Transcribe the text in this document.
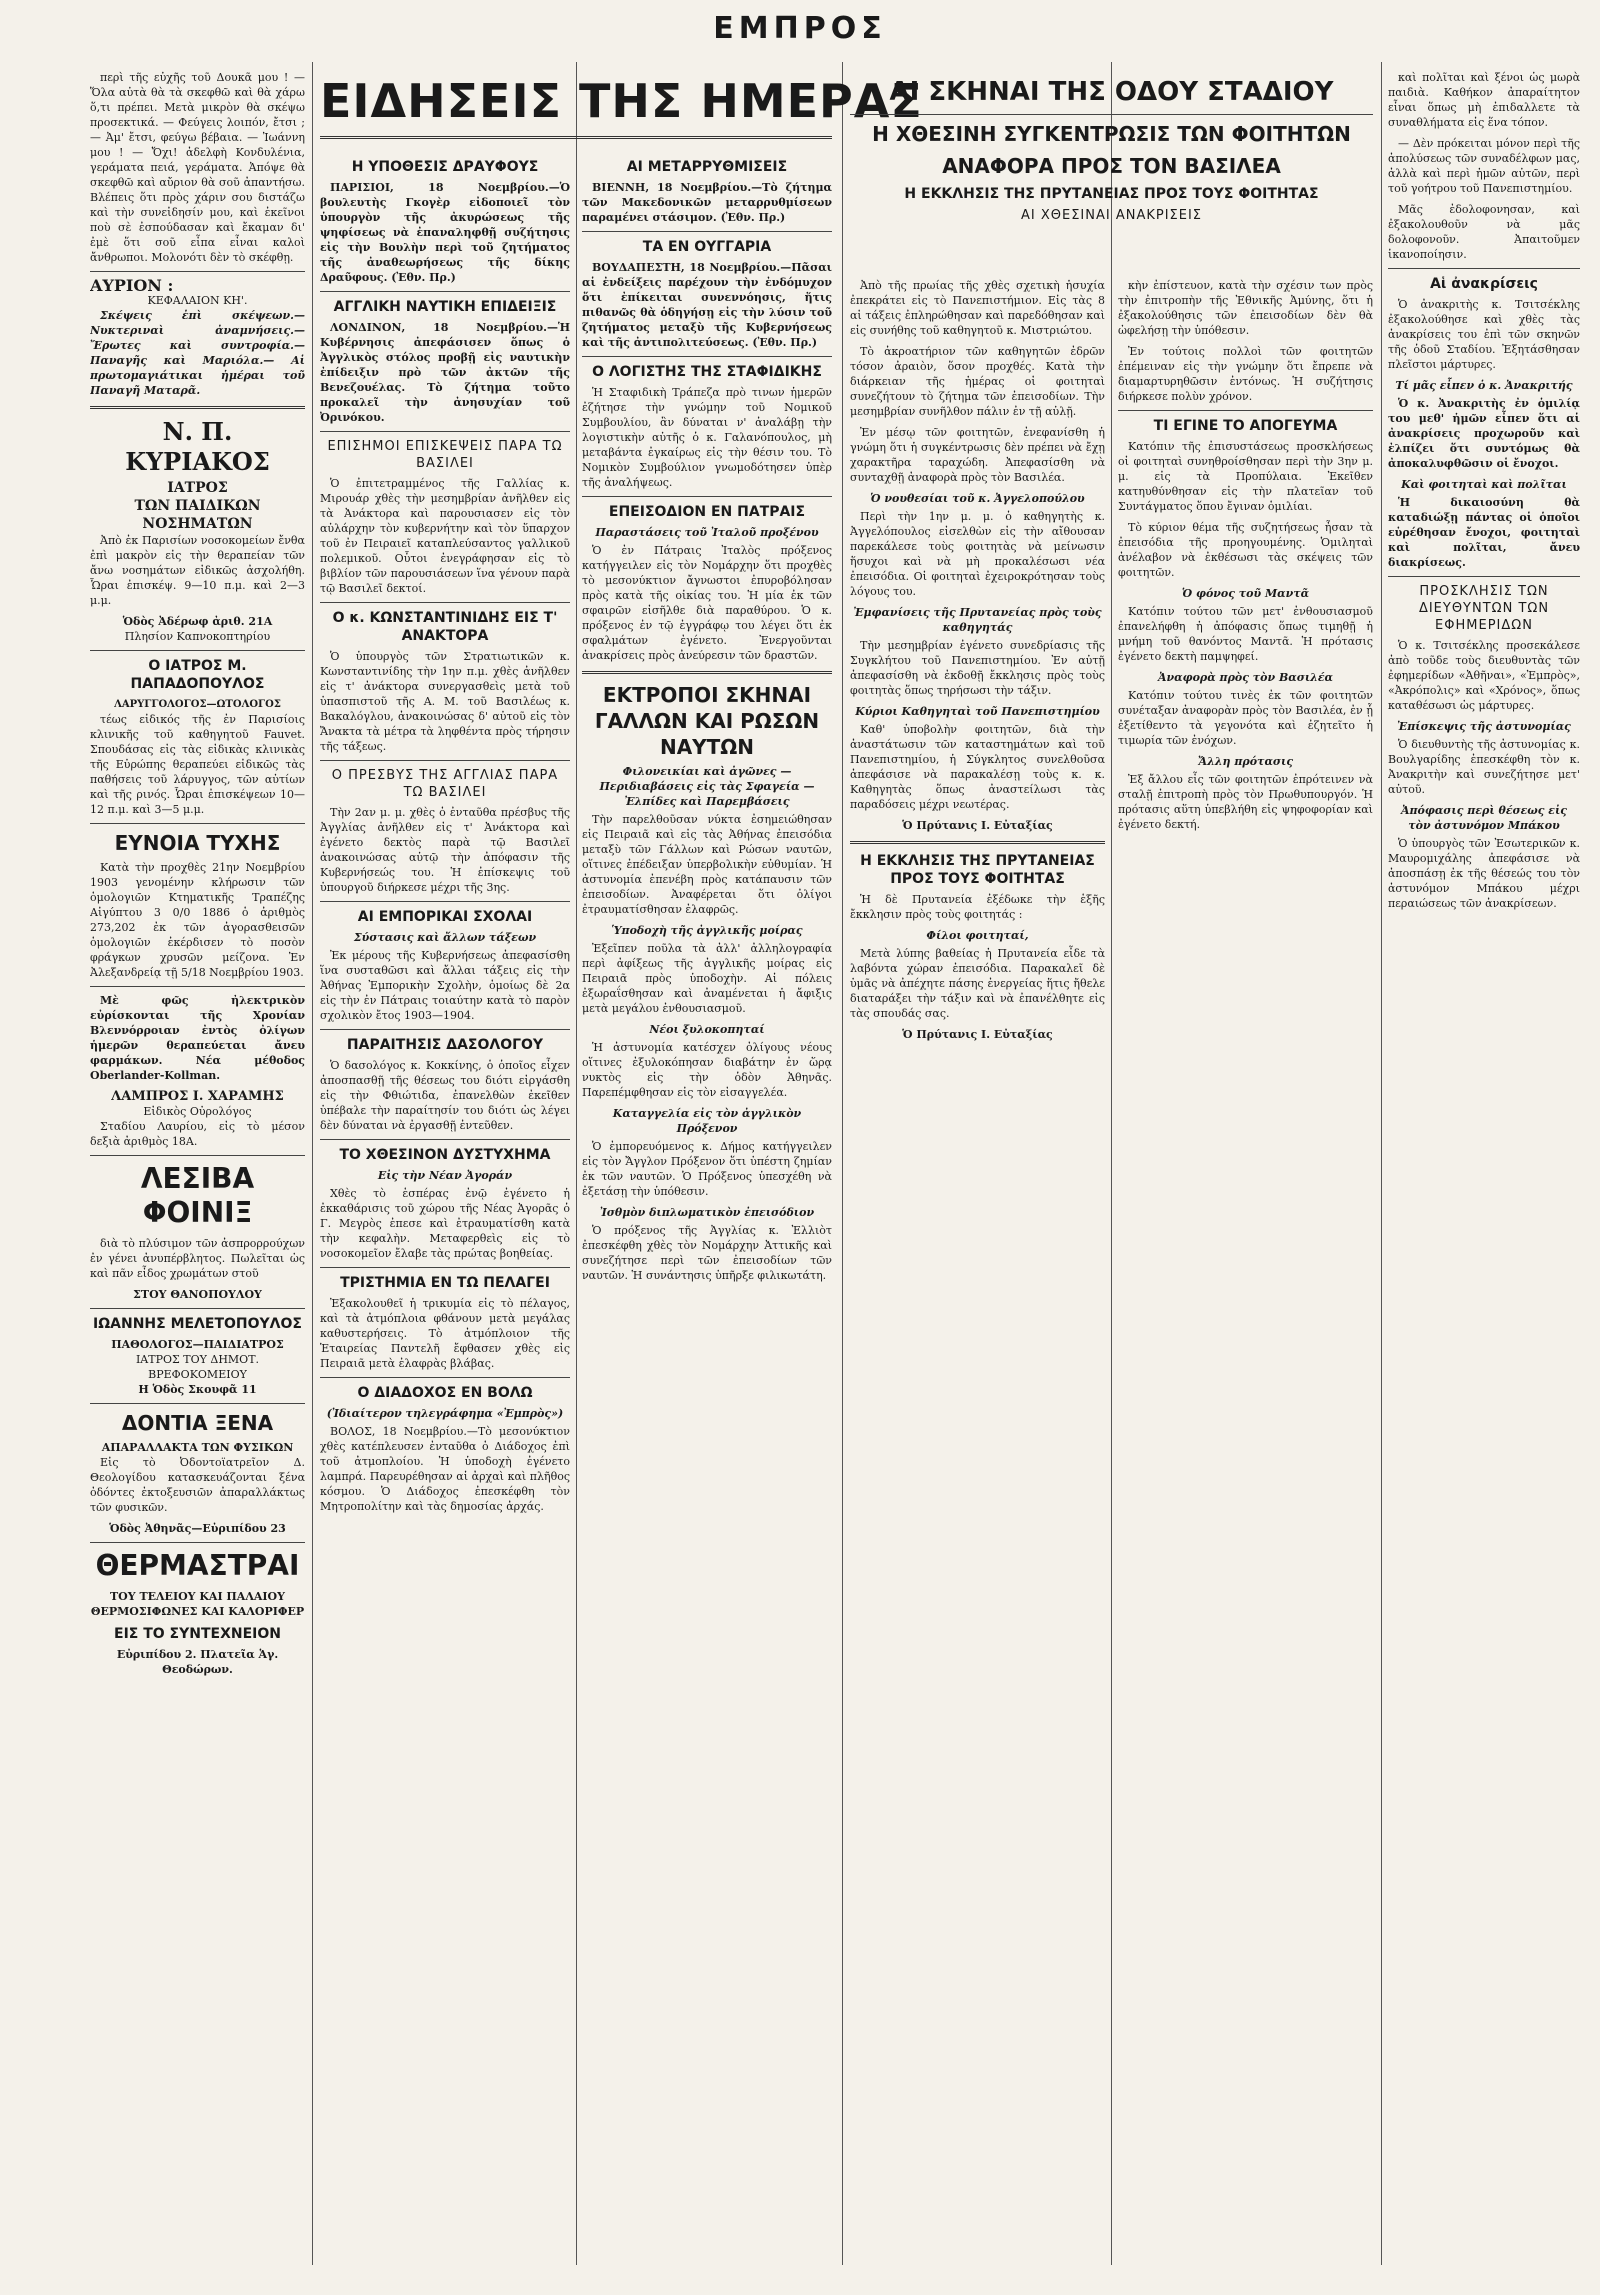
ΕΜΠΡΟΣ

περὶ τῆς εὐχῆς τοῦ Δουκᾶ μου ! — Ὅλα αὐτὰ θὰ τὰ σκεφθῶ καὶ θὰ χάρω ὅ,τι πρέπει. Μετὰ μικρὸν θὰ σκέψω προσεκτικά. — Φεύγεις λοιπόν, ἔτσι ; — Ἀμ' ἔτσι, φεύγω βέβαια. — Ἰωάννη μου ! — Ὄχι! ἀδελφὴ Κονδυλένια, γεράματα πειά, γεράματα. Ἀπόψε θὰ σκεφθῶ καὶ αὔριον θὰ σοῦ ἀπαντήσω. Βλέπεις ὅτι πρὸς χάριν σου διστάζω καὶ τὴν συνεἰδησίν μου, καὶ ἐκεῖνοι ποὺ σὲ ἐσπούδασαν καὶ ἔκαμαν δι' ἐμὲ ὅτι σοῦ εἶπα εἶναι καλοὶ ἄνθρωποι. Μολονότι δὲν τὸ σκέφθῃ.

ΑΥΡΙΟΝ :
ΚΕΦΑΛΑΙΟΝ ΚΗ'.

Σκέψεις ἐπὶ σκέψεων.— Νυκτεριναὶ ἀναμνήσεις.— Ἔρωτες καὶ συντροφία.— Παναγῆς καὶ Μαριόλα.— Αἱ πρωτομαγιάτικαι ἡμέραι τοῦ Παναγῆ Ματαρᾶ.

Ν. Π. ΚΥΡΙΑΚΟΣ
ΙΑΤΡΟΣ
ΤΩΝ ΠΑΙΔΙΚΩΝ ΝΟΣΗΜΑΤΩΝ

Ἀπὸ ἐκ Παρισίων νοσοκομείων ἔνθα ἐπὶ μακρὸν εἰς τὴν θεραπείαν τῶν ἄνω νοσημάτων εἰδικῶς ἀσχολήθη. Ὧραι ἐπισκέψ. 9—10 π.μ. καὶ 2—3 μ.μ.

Ὁδὸς Ἀδέρωφ ἀριθ. 21Α
Πλησίον Καπνοκοπτηρίου
Ο ΙΑΤΡΟΣ Μ. ΠΑΠΑΔΟΠΟΥΛΟΣ
ΛΑΡΥΓΓΟΛΟΓΟΣ—ΩΤΟΛΟΓΟΣ

τέως εἰδικός τῆς ἐν Παρισίοις κλινικῆς τοῦ καθηγητοῦ Fauvet. Σπουδάσας εἰς τὰς εἰδικὰς κλινικὰς τῆς Εὐρώπης θεραπεύει εἰδικῶς τὰς παθήσεις τοῦ λάρυγγος, τῶν αὐτίων καὶ τῆς ρινός. Ὧραι ἐπισκέψεων 10—12 π.μ. καὶ 3—5 μ.μ.

ΕΥΝΟΙΑ ΤΥΧΗΣ

Κατὰ τὴν προχθὲς 21ην Νοεμβρίου 1903 γενομένην κλήρωσιν τῶν ὁμολογιῶν Κτηματικῆς Τραπέζης Αἰγύπτου 3 0/0 1886 ὁ ἀριθμὸς 273,202 ἐκ τῶν ἀγορασθεισῶν ὁμολογιῶν ἐκέρδισεν τὸ ποσὸν φράγκων χρυσῶν μείζονα. Ἐν Ἀλεξανδρείᾳ τῇ 5/18 Νοεμβρίου 1903.

Μὲ φῶς ἠλεκτρικὸν εὐρίσκονται τῆς Χρονίαν Βλεννόρροιαν ἐντὸς ὀλίγων ἡμερῶν θεραπεύεται ἄνευ φαρμάκων. Νέα μέθοδος Oberlander-Kollman.

ΛΑΜΠΡΟΣ Ι. ΧΑΡΑΜΗΣ
Εἰδικὸς Οὐρολόγος

Σταδίου Λαυρίου, εἰς τὸ μέσον δεξιὰ ἀριθμὸς 18Α.

ΛΕΣΙΒΑ ΦΟΙΝΙΞ

διὰ τὸ πλύσιμον τῶν ἀσπρορρούχων ἐν γένει ἀνυπέρβλητος. Πωλεῖται ὡς καὶ πᾶν εἶδος χρωμάτων στοῦ

ΣΤΟΥ ΘΑΝΟΠΟΥΛΟΥ
ΙΩΑΝΝΗΣ ΜΕΛΕΤΟΠΟΥΛΟΣ
ΠΑΘΟΛΟΓΟΣ—ΠΑΙΔΙΑΤΡΟΣ
ΙΑΤΡΟΣ ΤΟΥ ΔΗΜΟΤ. ΒΡΕΦΟΚΟΜΕΙΟΥ
Η Ὁδὸς Σκουφᾶ 11
ΔΟΝΤΙΑ ΞΕΝΑ
ΑΠΑΡΑΛΛΑΚΤΑ ΤΩΝ ΦΥΣΙΚΩΝ

Εἰς τὸ Ὀδοντοϊατρεῖον Δ. Θεολογίδου κατασκευάζονται ξένα ὀδόντες ἐκτοξευσιῶν ἀπαραλλάκτως τῶν φυσικῶν.

Ὁδὸς Ἀθηνᾶς—Εὐριπίδου 23
ΘΕΡΜΑΣΤΡΑΙ
ΤΟΥ ΤΕΛΕΙΟΥ ΚΑΙ ΠΑΛΑΙΟΥ
ΘΕΡΜΟΣΙΦΩΝΕΣ ΚΑΙ ΚΑΛΟΡΙΦΕΡ
ΕΙΣ ΤΟ ΣΥΝΤΕΧΝΕΙΟΝ
Εὐριπίδου 2. Πλατεῖα Ἁγ. Θεοδώρων.
ΕΙΔΗΣΕΙΣ ΤΗΣ ΗΜΕΡΑΣ
Η ΥΠΟΘΕΣΙΣ ΔΡΑΥΦΟΥΣ

ΠΑΡΙΣΙΟΙ, 18 Νοεμβρίου.—Ὁ βουλευτὴς Γκογὲρ εἰδοποιεῖ τὸν ὑπουργὸν τῆς ἀκυρώσεως τῆς ψηφίσεως νὰ ἐπαναληφθῇ συζήτησις εἰς τὴν Βουλὴν περὶ τοῦ ζητήματος τῆς ἀναθεωρήσεως τῆς δίκης Δραῦφους. (Ἐθν. Πρ.)

ΑΓΓΛΙΚΗ ΝΑΥΤΙΚΗ ΕΠΙΔΕΙΞΙΣ

ΛΟΝΔΙΝΟΝ, 18 Νοεμβρίου.—Ἡ Κυβέρνησις ἀπεφάσισεν ὅπως ὁ Ἀγγλικὸς στόλος προβῇ εἰς ναυτικὴν ἐπίδειξιν πρὸ τῶν ἀκτῶν τῆς Βενεζουέλας. Τὸ ζήτημα τοῦτο προκαλεῖ τὴν ἀνησυχίαν τοῦ Ὀρινόκου.

ΕΠΙΣΗΜΟΙ ΕΠΙΣΚΕΨΕΙΣ ΠΑΡΑ ΤΩ ΒΑΣΙΛΕΙ

Ὁ ἐπιτετραμμένος τῆς Γαλλίας κ. Μιρουάρ χθὲς τὴν μεσημβρίαν ἀνῆλθεν εἰς τὰ Ἀνάκτορα καὶ παρουσιασεν εἰς τὸν αὐλάρχην τὸν κυβερνήτην καὶ τὸν ὕπαρχον τοῦ ἐν Πειραιεῖ καταπλεύσαντος γαλλικοῦ πολεμικοῦ. Οὗτοι ἐνεγράφησαν εἰς τὸ βιβλίον τῶν παρουσιάσεων ἵνα γένουν παρὰ τῷ Βασιλεῖ δεκτοί.

Ο κ. ΚΩΝΣΤΑΝΤΙΝΙΔΗΣ ΕΙΣ Τ' ΑΝΑΚΤΟΡΑ

Ὁ ὑπουργὸς τῶν Στρατιωτικῶν κ. Κωνσταντινίδης τὴν 1ην π.μ. χθὲς ἀνῆλθεν εἰς τ' ἀνάκτορα συνεργασθεὶς μετὰ τοῦ ὑπασπιστοῦ τῆς Α. Μ. τοῦ Βασιλέως κ. Βακαλόγλου, ἀνακοινώσας δ' αὐτοῦ εἰς τὸν Ἄνακτα τὰ μέτρα τὰ ληφθέντα πρὸς τήρησιν τῆς τάξεως.

Ο ΠΡΕΣΒΥΣ ΤΗΣ ΑΓΓΛΙΑΣ ΠΑΡΑ ΤΩ ΒΑΣΙΛΕΙ

Τὴν 2αν μ. μ. χθὲς ὁ ἐνταῦθα πρέσβυς τῆς Ἀγγλίας ἀνῆλθεν εἰς τ' Ἀνάκτορα καὶ ἐγένετο δεκτὸς παρὰ τῷ Βασιλεῖ ἀνακοινώσας αὐτῷ τὴν ἀπόφασιν τῆς Κυβερνήσεώς του. Ἡ ἐπίσκεψις τοῦ ὑπουργοῦ διήρκεσε μέχρι τῆς 3ης.

ΑΙ ΕΜΠΟΡΙΚΑΙ ΣΧΟΛΑΙ
Σύστασις καὶ ἄλλων τάξεων

Ἐκ μέρους τῆς Κυβερνήσεως ἀπεφασίσθη ἵνα συσταθῶσι καὶ ἄλλαι τάξεις εἰς τὴν Ἀθήνας Ἐμπορικὴν Σχολὴν, ὁμοίως δὲ 2α εἰς τὴν ἐν Πάτραις τοιαύτην κατὰ τὸ παρὸν σχολικὸν ἔτος 1903—1904.

ΠΑΡΑΙΤΗΣΙΣ ΔΑΣΟΛΟΓΟΥ

Ὁ δασολόγος κ. Κοκκίνης, ὁ ὁποῖος εἶχεν ἀποσπασθῇ τῆς θέσεως του διότι εἰργάσθη εἰς τὴν Φθιώτιδα, ἐπανελθὼν ἐκεῖθεν ὑπέβαλε τὴν παραίτησίν του διότι ὡς λέγει δὲν δύναται νὰ ἐργασθῇ ἐντεῦθεν.

ΤΟ ΧΘΕΣΙΝΟΝ ΔΥΣΤΥΧΗΜΑ
Εἰς τὴν Νέαν Ἀγοράν

Χθὲς τὸ ἑσπέρας ἐνῷ ἐγένετο ἡ ἐκκαθάρισις τοῦ χώρου τῆς Νέας Ἀγορᾶς ὁ Γ. Μεγρὸς ἐπεσε καὶ ἐτραυματίσθη κατὰ τὴν κεφαλὴν. Μεταφερθεὶς εἰς τὸ νοσοκομεῖον ἔλαβε τὰς πρώτας βοηθείας.

ΤΡΙΣΤΗΜΙΑ ΕΝ ΤΩ ΠΕΛΑΓΕΙ

Ἐξακολουθεῖ ἡ τρικυμία εἰς τὸ πέλαγος, καὶ τὰ ἀτμόπλοια φθάνουν μετὰ μεγάλας καθυστερήσεις. Τὸ ἀτμόπλοιον τῆς Ἑταιρείας Παντελῆ ἔφθασεν χθὲς εἰς Πειραιᾶ μετὰ ἐλαφρὰς βλάβας.

Ο ΔΙΑΔΟΧΟΣ ΕΝ ΒΟΛΩ
(Ἰδιαίτερον τηλεγράφημα «Ἐμπρὸς»)

ΒΟΛΟΣ, 18 Νοεμβρίου.—Τὸ μεσονύκτιον χθὲς κατέπλευσεν ἐνταῦθα ὁ Διάδοχος ἐπὶ τοῦ ἀτμοπλοίου. Ἡ ὑποδοχὴ ἐγένετο λαμπρά. Παρευρέθησαν αἱ ἀρχαὶ καὶ πλῆθος κόσμου. Ὁ Διάδοχος ἐπεσκέφθη τὸν Μητροπολίτην καὶ τὰς δημοσίας ἀρχάς.

ΑΙ ΜΕΤΑΡΡΥΘΜΙΣΕΙΣ

ΒΙΕΝΝΗ, 18 Νοεμβρίου.—Τὸ ζήτημα τῶν Μακεδονικῶν μεταρρυθμίσεων παραμένει στάσιμον. (Ἐθν. Πρ.)

ΤΑ ΕΝ ΟΥΓΓΑΡΙΑ

ΒΟΥΔΑΠΕΣΤΗ, 18 Νοεμβρίου.—Πᾶσαι αἱ ἐνδείξεις παρέχουν τὴν ἐνδόμυχον ὅτι ἐπίκειται συνεννόησις, ἥτις πιθανῶς θὰ ὁδηγήσῃ εἰς τὴν λύσιν τοῦ ζητήματος μεταξὺ τῆς Κυβερνήσεως καὶ τῆς ἀντιπολιτεύσεως. (Ἐθν. Πρ.)

Ο ΛΟΓΙΣΤΗΣ ΤΗΣ ΣΤΑΦΙΔΙΚΗΣ

Ἡ Σταφιδικὴ Τράπεζα πρὸ τινων ἡμερῶν ἐζήτησε τὴν γνώμην τοῦ Νομικοῦ Συμβουλίου, ἂν δύναται ν' ἀναλάβῃ τὴν λογιστικὴν αὐτῆς ὁ κ. Γαλανόπουλος, μὴ μεταβάντα ἐγκαίρως εἰς τὴν θέσιν του. Τὸ Νομικὸν Συμβούλιον γνωμοδότησεν ὑπὲρ τῆς ἀναλήψεως.

ΕΠΕΙΣΟΔΙΟΝ ΕΝ ΠΑΤΡΑΙΣ
Παραστάσεις τοῦ Ἰταλοῦ προξένου

Ὁ ἐν Πάτραις Ἰταλὸς πρόξενος κατήγγειλεν εἰς τὸν Νομάρχην ὅτι προχθὲς τὸ μεσονύκτιον ἄγνωστοι ἐπυροβόλησαν πρὸς κατὰ τῆς οἰκίας του. Ἡ μία ἐκ τῶν σφαιρῶν εἰσῆλθε διὰ παραθύρου. Ὁ κ. πρόξενος ἐν τῷ ἐγγράφῳ του λέγει ὅτι ἐκ σφαλμάτων ἐγένετο. Ἐνεργοῦνται ἀνακρίσεις πρὸς ἀνεύρεσιν τῶν δραστῶν.

ΕΚΤΡΟΠΟΙ ΣΚΗΝΑΙ ΓΑΛΛΩΝ ΚΑΙ ΡΩΣΩΝ ΝΑΥΤΩΝ
Φιλονεικίαι καὶ ἀγῶνες — Περιδιαβάσεις εἰς τὰς Σφαγεία — Ἐλπίδες καὶ Παρεμβάσεις

Τὴν παρελθοῦσαν νύκτα ἐσημειώθησαν εἰς Πειραιᾶ καὶ εἰς τὰς Ἀθήνας ἐπεισόδια μεταξὺ τῶν Γάλλων καὶ Ρώσων ναυτῶν, οἵτινες ἐπέδειξαν ὑπερβολικὴν εὐθυμίαν. Ἡ ἀστυνομία ἐπενέβη πρὸς κατάπαυσιν τῶν ἐπεισοδίων. Ἀναφέρεται ὅτι ὀλίγοι ἐτραυματίσθησαν ἐλαφρῶς.

Ὑποδοχὴ τῆς ἀγγλικῆς μοίρας

Ἐξεῖπεν ποῦλα τὰ ἀλλ' ἀλληλογραφία περὶ ἀφίξεως τῆς ἀγγλικῆς μοίρας εἰς Πειραιᾶ πρὸς ὑποδοχὴν. Αἱ πόλεις ἐξωραΐσθησαν καὶ ἀναμένεται ἡ ἄφιξις μετὰ μεγάλου ἐνθουσιασμοῦ.

Νέοι ξυλοκοπηταί

Ἡ ἀστυνομία κατέσχεν ὀλίγους νέους οἵτινες ἐξυλοκόπησαν διαβάτην ἐν ὥρᾳ νυκτὸς εἰς τὴν ὁδὸν Ἀθηνᾶς. Παρεπέμφθησαν εἰς τὸν εἰσαγγελέα.

Καταγγελία εἰς τὸν ἀγγλικὸν Πρόξενον

Ὁ ἐμπορευόμενος κ. Δήμος κατήγγειλεν εἰς τὸν Ἄγγλον Πρόξενον ὅτι ὑπέστη ζημίαν ἐκ τῶν ναυτῶν. Ὁ Πρόξενος ὑπεσχέθη νὰ ἐξετάσῃ τὴν ὑπόθεσιν.

Ἰσθμὸν διπλωματικὸν ἐπεισόδιον

Ὁ πρόξενος τῆς Ἀγγλίας κ. Ἐλλιὸτ ἐπεσκέφθη χθὲς τὸν Νομάρχην Ἀττικῆς καὶ συνεζήτησε περὶ τῶν ἐπεισοδίων τῶν ναυτῶν. Ἡ συνάντησις ὑπῆρξε φιλικωτάτη.

ΑΙ ΣΚΗΝΑΙ ΤΗΣ ΟΔΟΥ ΣΤΑΔΙΟΥ
Η ΧΘΕΣΙΝΗ ΣΥΓΚΕΝΤΡΩΣΙΣ ΤΩΝ ΦΟΙΤΗΤΩΝ
ΑΝΑΦΟΡΑ ΠΡΟΣ ΤΟΝ ΒΑΣΙΛΕΑ
Η ΕΚΚΛΗΣΙΣ ΤΗΣ ΠΡΥΤΑΝΕΙΑΣ ΠΡΟΣ ΤΟΥΣ ΦΟΙΤΗΤΑΣ
ΑΙ ΧΘΕΣΙΝΑΙ ΑΝΑΚΡΙΣΕΙΣ

Ἀπὸ τῆς πρωίας τῆς χθὲς σχετικὴ ἡσυχία ἐπεκράτει εἰς τὸ Πανεπιστήμιον. Εἰς τὰς 8 αἱ τάξεις ἐπληρώθησαν καὶ παρεδόθησαν καὶ εἰς συνήθης τοῦ καθηγητοῦ κ. Μιστριώτου.

Τὸ ἀκροατήριον τῶν καθηγητῶν ἐδρῶν τόσον ἀραιὸν, ὅσον προχθές. Κατὰ τὴν διάρκειαν τῆς ἡμέρας οἱ φοιτηταὶ συνεζήτουν τὸ ζήτημα τῶν ἐπεισοδίων. Τὴν μεσημβρίαν συνῆλθον πάλιν ἐν τῇ αὐλῇ.

Ἐν μέσῳ τῶν φοιτητῶν, ἐνεφανίσθη ἡ γνώμη ὅτι ἡ συγκέντρωσις δὲν πρέπει νὰ ἔχῃ χαρακτῆρα ταραχώδη. Ἀπεφασίσθη νὰ συνταχθῇ ἀναφορὰ πρὸς τὸν Βασιλέα.

Ὁ νουθεσίαι τοῦ κ. Ἀγγελοπούλου

Περὶ τὴν 1ην μ. μ. ὁ καθηγητὴς κ. Ἀγγελόπουλος εἰσελθὼν εἰς τὴν αἴθουσαν παρεκάλεσε τοὺς φοιτητὰς νὰ μείνωσιν ἥσυχοι καὶ νὰ μὴ προκαλέσωσι νέα ἐπεισόδια. Οἱ φοιτηταὶ ἐχειροκρότησαν τοὺς λόγους του.

Ἐμφανίσεις τῆς Πρυτανείας πρὸς τοὺς καθηγητάς

Τὴν μεσημβρίαν ἐγένετο συνεδρίασις τῆς Συγκλήτου τοῦ Πανεπιστημίου. Ἐν αὐτῇ ἀπεφασίσθη νὰ ἐκδοθῇ ἔκκλησις πρὸς τοὺς φοιτητὰς ὅπως τηρήσωσι τὴν τάξιν.

Κύριοι Καθηγηταὶ τοῦ Πανεπιστημίου

Καθ' ὑποβολὴν φοιτητῶν, διὰ τὴν ἀναστάτωσιν τῶν καταστημάτων καὶ τοῦ Πανεπιστημίου, ἡ Σύγκλητος συνελθοῦσα ἀπεφάσισε νὰ παρακαλέσῃ τοὺς κ. κ. Καθηγητὰς ὅπως ἀναστείλωσι τὰς παραδόσεις μέχρι νεωτέρας.

Ὁ Πρύτανις Ι. Εὐταξίας
Η ΕΚΚΛΗΣΙΣ ΤΗΣ ΠΡΥΤΑΝΕΙΑΣ ΠΡΟΣ ΤΟΥΣ ΦΟΙΤΗΤΑΣ

Ἡ δὲ Πρυτανεία ἐξέδωκε τὴν ἑξῆς ἔκκλησιν πρὸς τοὺς φοιτητάς :

Φίλοι φοιτηταί,

Μετὰ λύπης βαθείας ἡ Πρυτανεία εἶδε τὰ λαβόντα χώραν ἐπεισόδια. Παρακαλεῖ δὲ ὑμᾶς νὰ ἀπέχητε πάσης ἐνεργείας ἥτις ἤθελε διαταράξει τὴν τάξιν καὶ νὰ ἐπανέλθητε εἰς τὰς σπουδάς σας.

Ὁ Πρύτανις Ι. Εὐταξίας

κὴν ἐπίστευον, κατὰ τὴν σχέσιν των πρὸς τὴν ἐπιτροπὴν τῆς Ἐθνικῆς Ἀμύνης, ὅτι ἡ ἐξακολούθησις τῶν ἐπεισοδίων δὲν θὰ ὠφελήσῃ τὴν ὑπόθεσιν.

Ἐν τούτοις πολλοὶ τῶν φοιτητῶν ἐπέμειναν εἰς τὴν γνώμην ὅτι ἔπρεπε νὰ διαμαρτυρηθῶσιν ἐντόνως. Ἡ συζήτησις διήρκεσε πολὺν χρόνον.

ΤΙ ΕΓΙΝΕ ΤΟ ΑΠΟΓΕΥΜΑ

Κατόπιν τῆς ἐπισυστάσεως προσκλήσεως οἱ φοιτηταὶ συνηθροίσθησαν περὶ τὴν 3ην μ. μ. εἰς τὰ Προπύλαια. Ἐκεῖθεν κατηυθύνθησαν εἰς τὴν πλατεῖαν τοῦ Συντάγματος ὅπου ἔγιναν ὁμιλίαι.

Τὸ κύριον θέμα τῆς συζητήσεως ἦσαν τὰ ἐπεισόδια τῆς προηγουμένης. Ὁμιληταὶ ἀνέλαβον νὰ ἐκθέσωσι τὰς σκέψεις τῶν φοιτητῶν.

Ὁ φόνος τοῦ Μαντᾶ

Κατόπιν τούτου τῶν μετ' ἐνθουσιασμοῦ ἐπανελήφθη ἡ ἀπόφασις ὅπως τιμηθῇ ἡ μνήμη τοῦ θανόντος Μαντᾶ. Ἡ πρότασις ἐγένετο δεκτὴ παμψηφεί.

Ἀναφορὰ πρὸς τὸν Βασιλέα

Κατόπιν τούτου τινὲς ἐκ τῶν φοιτητῶν συνέταξαν ἀναφορὰν πρὸς τὸν Βασιλέα, ἐν ᾗ ἐξετίθεντο τὰ γεγονότα καὶ ἐζητεῖτο ἡ τιμωρία τῶν ἐνόχων.

Ἄλλη πρότασις

Ἐξ ἄλλου εἷς τῶν φοιτητῶν ἐπρότεινεν νὰ σταλῇ ἐπιτροπὴ πρὸς τὸν Πρωθυπουργόν. Ἡ πρότασις αὕτη ὑπεβλήθη εἰς ψηφοφορίαν καὶ ἐγένετο δεκτή.

καὶ πολῖται καὶ ξένοι ὡς μωρὰ παιδιὰ. Καθήκον ἀπαραίτητον εἶναι ὅπως μὴ ἐπιδαλλετε τὰ συναθλήματα εἰς ἕνα τόπον.

— Δὲν πρόκειται μόνον περὶ τῆς ἀπολύσεως τῶν συναδέλφων μας, ἀλλὰ καὶ περὶ ἡμῶν αὐτῶν, περὶ τοῦ γοήτρου τοῦ Πανεπιστημίου.

Μᾶς ἐδολοφονησαν, καὶ ἐξακολουθοῦν νὰ μᾶς δολοφονοῦν. Ἀπαιτοῦμεν ἱκανοποίησιν.

Αἱ ἀνακρίσεις

Ὁ ἀνακριτὴς κ. Τσιτσέκλης ἐξακολούθησε καὶ χθὲς τὰς ἀνακρίσεις του ἐπὶ τῶν σκηνῶν τῆς ὁδοῦ Σταδίου. Ἐξητάσθησαν πλεῖστοι μάρτυρες.

Τί μᾶς εἶπεν ὁ κ. Ἀνακριτής

Ὁ κ. Ἀνακριτὴς ἐν ὁμιλίᾳ του μεθ' ἡμῶν εἶπεν ὅτι αἱ ἀνακρίσεις προχωροῦν καὶ ἐλπίζει ὅτι συντόμως θὰ ἀποκαλυφθῶσιν οἱ ἔνοχοι.

Καὶ φοιτηταὶ καὶ πολῖται

Ἡ δικαιοσύνη θὰ καταδιώξῃ πάντας οἱ ὁποῖοι εὑρέθησαν ἔνοχοι, φοιτηταὶ καὶ πολῖται, ἄνευ διακρίσεως.

ΠΡΟΣΚΛΗΣΙΣ ΤΩΝ ΔΙΕΥΘΥΝΤΩΝ ΤΩΝ ΕΦΗΜΕΡΙΔΩΝ

Ὁ κ. Τσιτσέκλης προσεκάλεσε ἀπὸ τοῦδε τοὺς διευθυντὰς τῶν ἐφημερίδων «Ἀθῆναι», «Ἐμπρὸς», «Ἀκρόπολις» καὶ «Χρόνος», ὅπως καταθέσωσι ὡς μάρτυρες.

Ἐπίσκεψις τῆς ἀστυνομίας

Ὁ διευθυντὴς τῆς ἀστυνομίας κ. Βουλγαρίδης ἐπεσκέφθη τὸν κ. Ἀνακριτὴν καὶ συνεζήτησε μετ' αὐτοῦ.

Ἀπόφασις περὶ θέσεως εἰς τὸν ἀστυνόμον Μπάκου

Ὁ ὑπουργὸς τῶν Ἐσωτερικῶν κ. Μαυρομιχάλης ἀπεφάσισε νὰ ἀποσπάσῃ ἐκ τῆς θέσεώς του τὸν ἀστυνόμον Μπάκου μέχρι περαιώσεως τῶν ἀνακρίσεων.
